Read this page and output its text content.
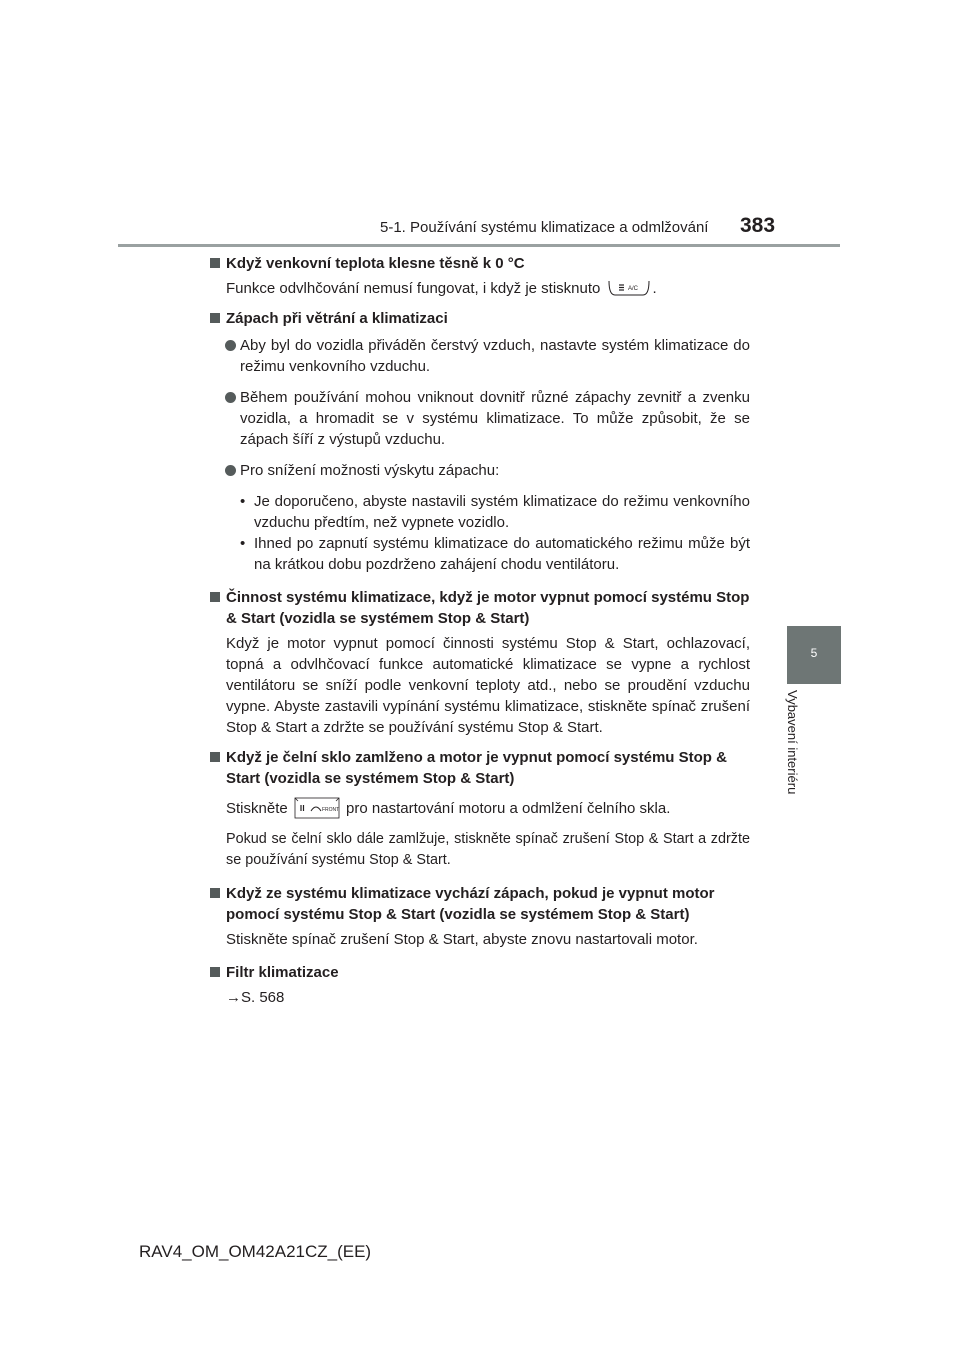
5-1. Používání systému klimatizace a odmlžování 383
5
Vybavení interiéru
Když venkovní teplota klesne těsně k 0 °C
Funkce odvlhčování nemusí fungovat, i když je stisknuto	A/C .
Zápach při větrání a klimatizaci
Aby byl do vozidla přiváděn čerstvý vzduch, nastavte systém klimatizace do režimu venkovního vzduchu.
Během používání mohou vniknout dovnitř různé zápachy zevnitř a zvenku vozidla, a hromadit se v systému klimatizace. To může způsobit, že se zápach šíří z výstupů vzduchu.
Pro snížení možnosti výskytu zápachu:
• Je doporučeno, abyste nastavili systém klimatizace do režimu venkovního vzduchu předtím, než vypnete vozidlo.
• Ihned po zapnutí systému klimatizace do automatického režimu může být na krátkou dobu pozdrženo zahájení chodu ventilátoru.
Činnost systému klimatizace, když je motor vypnut pomocí systému Stop & Start (vozidla se systémem Stop & Start)
Když je motor vypnut pomocí činnosti systému Stop & Start, ochlazovací, topná a odvlhčovací funkce automatické klimatizace se vypne a rychlost ventilátoru se sníží podle venkovní teploty atd., nebo se proudění vzduchu vypne. Abyste zastavili vypínání systému klimatizace, stiskněte spínač zrušení Stop & Start a zdržte se používání systému Stop & Start.
Když je čelní sklo zamlženo a motor je vypnut pomocí systému Stop & Start (vozidla se systémem Stop & Start)
Stiskněte	FRONT pro nastartování motoru a odmlžení čelního skla.
Pokud se čelní sklo dále zamlžuje, stiskněte spínač zrušení Stop & Start a zdržte se používání systému Stop & Start.
Když ze systému klimatizace vychází zápach, pokud je vypnut motor pomocí systému Stop & Start (vozidla se systémem Stop & Start)
Stiskněte spínač zrušení Stop & Start, abyste znovu nastartovali motor.
Filtr klimatizace
→S. 568
RAV4_OM_OM42A21CZ_(EE)
